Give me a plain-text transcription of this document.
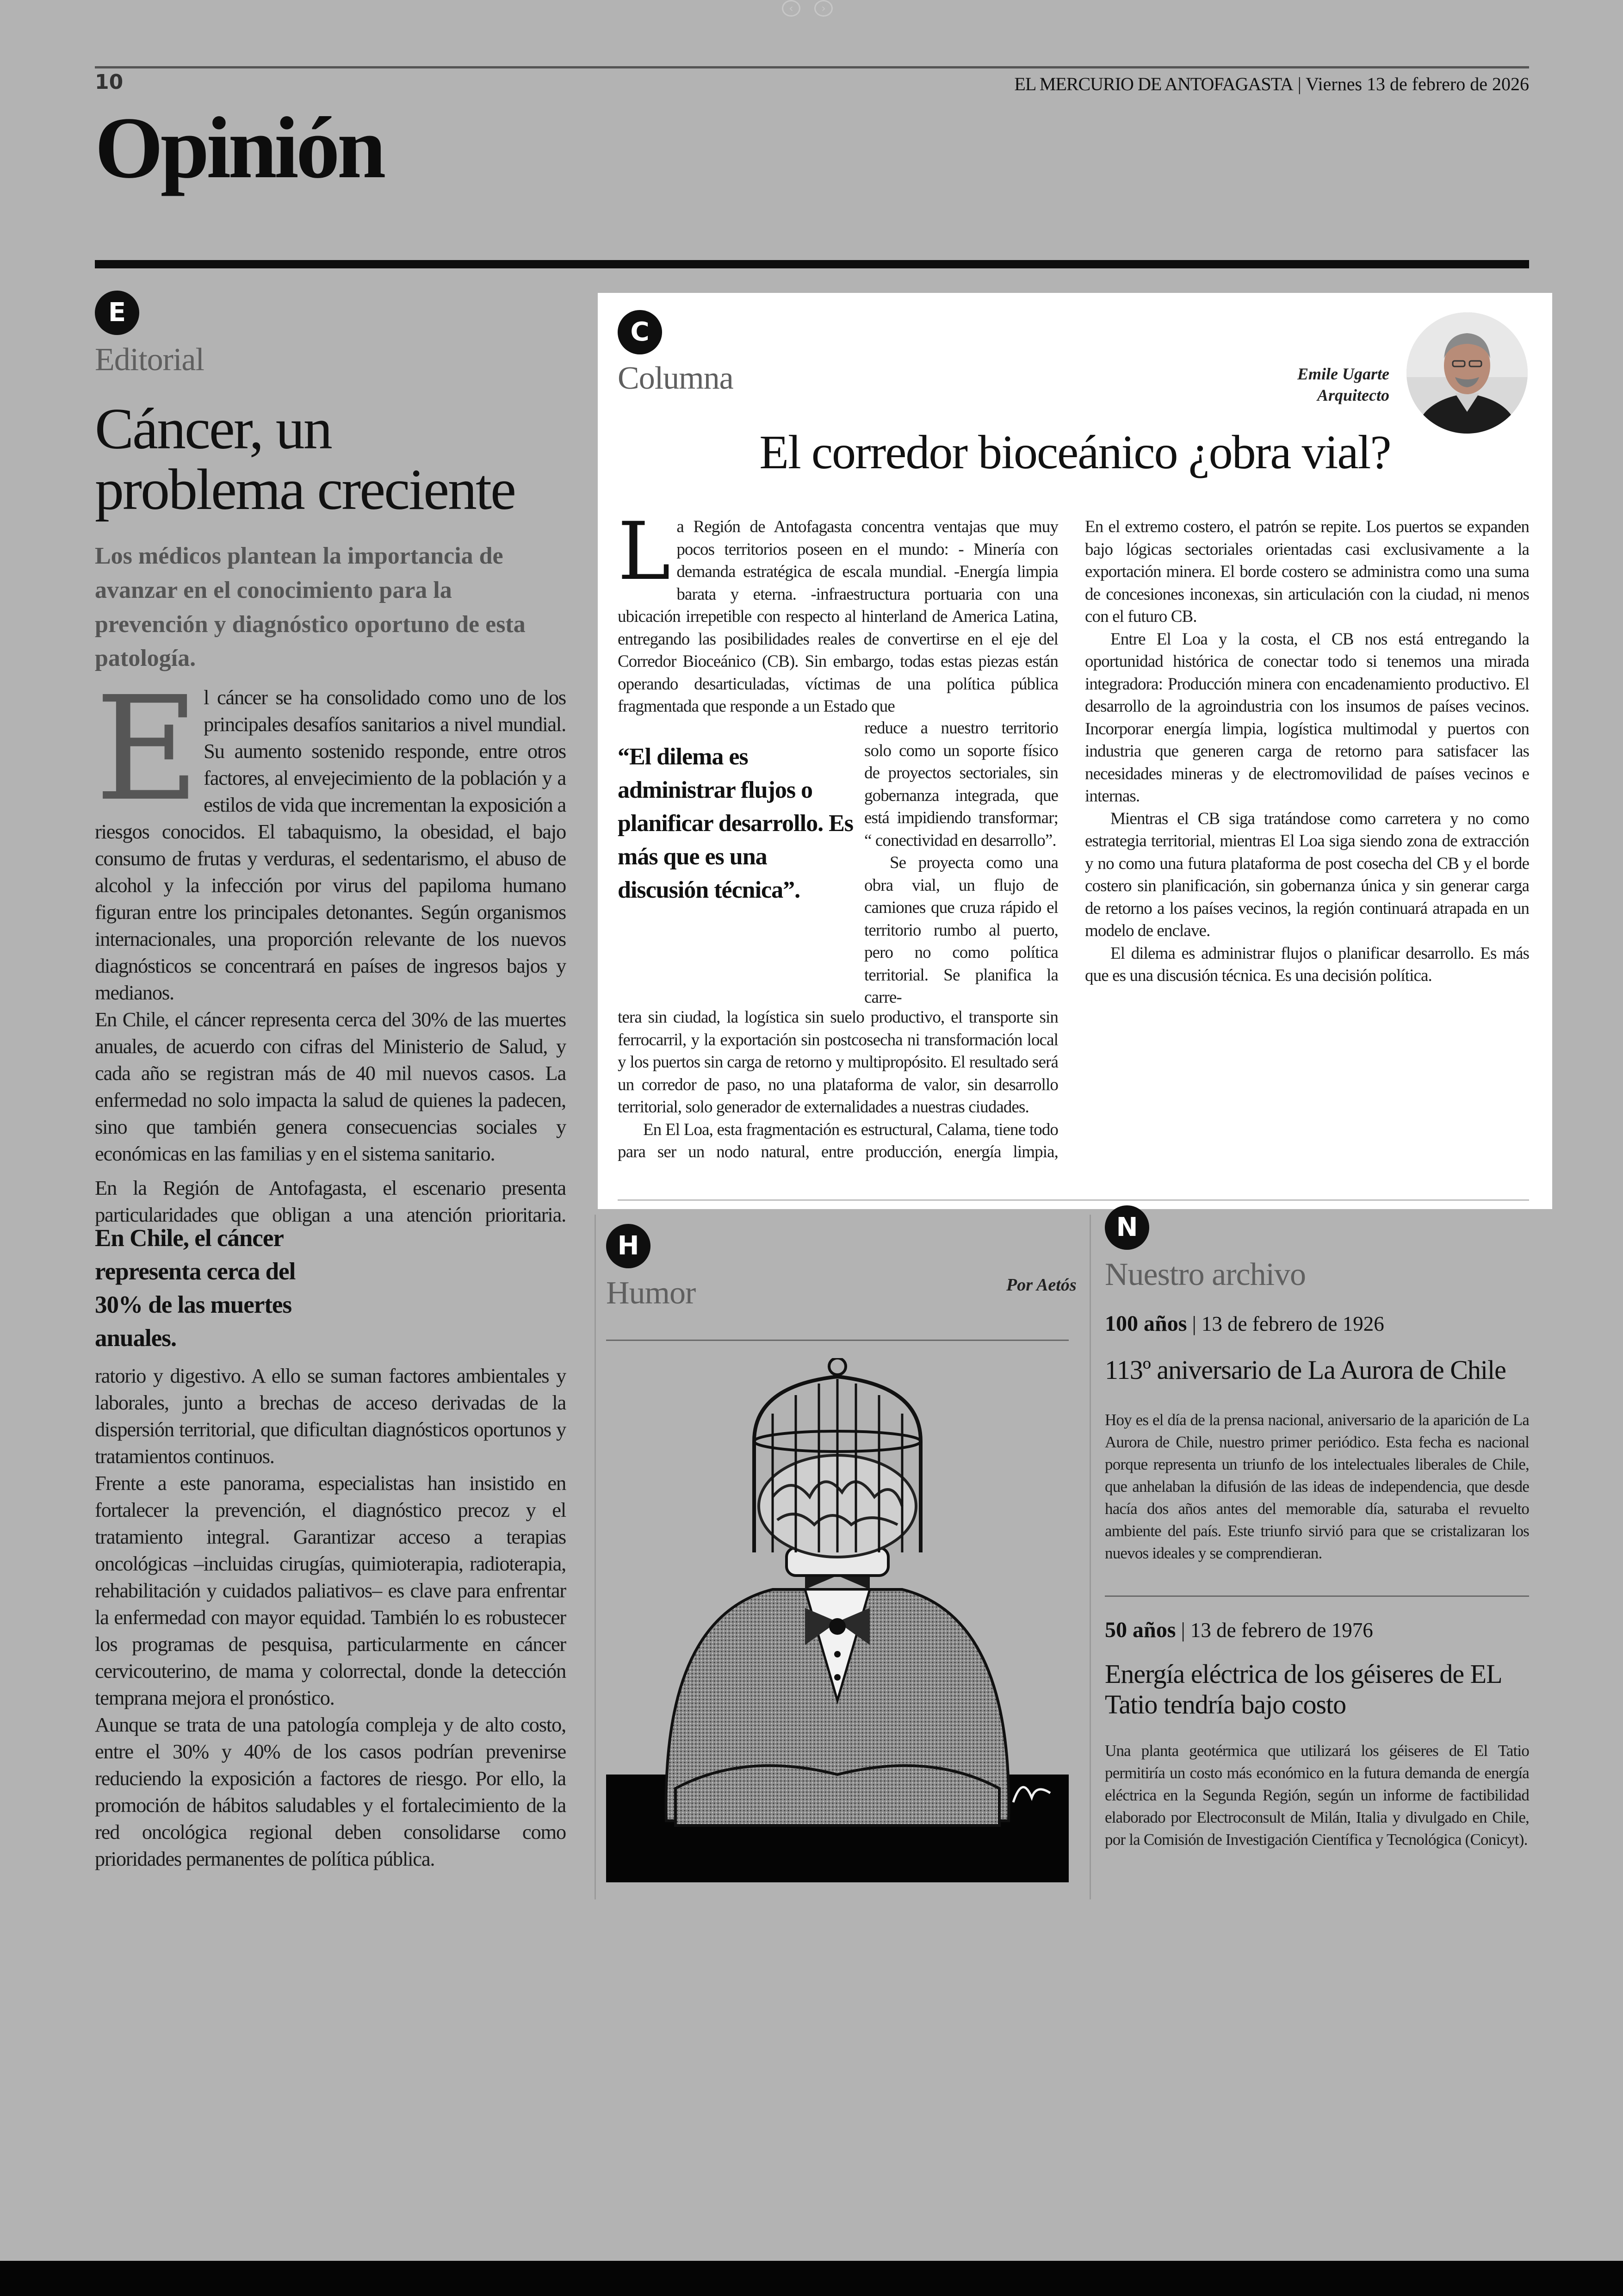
‹	›
10	EL MERCURIO DE ANTOFAGASTA | Viernes 13 de febrero de 2026
Opinión
E
Editorial
Cáncer, un
problema creciente
Los médicos plantean la importancia de avanzar en el conocimiento para la prevención y diagnóstico oportuno de esta patología.

El cáncer se ha consolidado como uno de los principales desafíos sanitarios a nivel mundial. Su aumento sostenido responde, entre otros factores, al envejecimiento de la población y a estilos de vida que incrementan la exposición a riesgos conocidos. El tabaquismo, la obesidad, el bajo consumo de frutas y verduras, el sedentarismo, el abuso de alcohol y la infección por virus del papiloma humano figuran entre los principales detonantes. Según organismos internacionales, una proporción relevante de los nuevos diagnósticos se concentrará en países de ingresos bajos y medianos.

En Chile, el cáncer representa cerca del 30% de las muertes anuales, de acuerdo con cifras del Ministerio de Salud, y cada año se registran más de 40 mil nuevos casos. La enfermedad no solo impacta la salud de quienes la padecen, sino que también genera consecuencias sociales y económicas en las familias y en el sistema sanitario.

En la Región de Antofagasta, el escenario presenta particularidades que obligan a una atención prioritaria.

En Chile, el cáncer representa cerca del 30% de las muertes anuales.

ratorio y digestivo. A ello se suman factores ambientales y laborales, junto a brechas de acceso derivadas de la dispersión territorial, que dificultan diagnósticos oportunos y tratamientos continuos.

Frente a este panorama, especialistas han insistido en fortalecer la prevención, el diagnóstico precoz y el tratamiento integral. Garantizar acceso a terapias oncológicas –incluidas cirugías, quimioterapia, radioterapia, rehabilitación y cuidados paliativos– es clave para enfrentar la enfermedad con mayor equidad. También lo es robustecer los programas de pesquisa, particularmente en cáncer cervicouterino, de mama y colorrectal, donde la detección temprana mejora el pronóstico.

Aunque se trata de una patología compleja y de alto costo, entre el 30% y 40% de los casos podrían prevenirse reduciendo la exposición a factores de riesgo. Por ello, la promoción de hábitos saludables y el fortalecimiento de la red oncológica regional deben consolidarse como prioridades permanentes de política pública.

C
Columna	Emile Ugarte
Arquitecto
El corredor bioceánico ¿obra vial?

La Región de Antofagasta concentra ventajas que muy pocos territorios poseen en el mundo: - Minería con demanda estratégica de escala mundial. -Energía limpia barata y eterna. -infraestructura portuaria con una ubicación irrepetible con respecto al hinterland de America Latina, entregando las posibilidades reales de convertirse en el eje del Corredor Bioceánico (CB). Sin embargo, todas estas piezas están operando desarticuladas, víctimas de una política pública fragmentada que responde a un Estado que

reduce a nuestro territorio solo como un soporte físico de proyectos sectoriales, sin gobernanza integrada, que está impidiendo transformar; “ conectividad en desarrollo”.

Se proyecta como una obra vial, un flujo de camiones que cruza rápido el territorio rumbo al puerto, pero no como política territorial. Se planifica la carre-

“El dilema es administrar flujos o planificar desarrollo. Es más que es una discusión técnica”.

tera sin ciudad, la logística sin suelo productivo, el transporte sin ferrocarril, y la exportación sin postcosecha ni transformación local y los puertos sin carga de retorno y multipropósito. El resultado será un corredor de paso, no una plataforma de valor, sin desarrollo territorial, solo generador de externalidades a nuestras ciudades.

En El Loa, esta fragmentación es estructural, Calama, tiene todo para ser un nodo natural, entre producción, energía limpia,

En el extremo costero, el patrón se repite. Los puertos se expanden bajo lógicas sectoriales orientadas casi exclusivamente a la exportación minera. El borde costero se administra como una suma de concesiones inconexas, sin articulación con la ciudad, ni menos con el futuro CB.

Entre El Loa y la costa, el CB nos está entregando la oportunidad histórica de conectar todo si tenemos una mirada integradora: Producción minera con encadenamiento productivo. El desarrollo de la agroindustria con los insumos de países vecinos. Incorporar energía limpia, logística multimodal y puertos con industria que generen carga de retorno para satisfacer las necesidades mineras y de electromovilidad de países vecinos e internas.

Mientras el CB siga tratándose como carretera y no como estrategia territorial, mientras El Loa siga siendo zona de extracción y no como una futura plataforma de post cosecha del CB y el borde costero sin planificación, sin gobernanza única y sin generar carga de retorno a los países vecinos, la región continuará atrapada en un modelo de enclave.

El dilema es administrar flujos o planificar desarrollo. Es más que es una discusión técnica. Es una decisión política.

H
Humor	Por Aetós
N
Nuestro archivo
100 años | 13 de febrero de 1926
113º aniversario de La Aurora de Chile
Hoy es el día de la prensa nacional, aniversario de la aparición de La Aurora de Chile, nuestro primer periódico. Esta fecha es nacional porque representa un triunfo de los intelectuales liberales de Chile, que anhelaban la difusión de las ideas de independencia, que desde hacía dos años antes del memorable día, saturaba el revuelto ambiente del país. Este triunfo sirvió para que se cristalizaran los nuevos ideales y se comprendieran.
50 años | 13 de febrero de 1976
Energía eléctrica de los géiseres de EL Tatio tendría bajo costo
Una planta geotérmica que utilizará los géiseres de El Tatio permitiría un costo más económico en la futura demanda de energía eléctrica en la Segunda Región, según un informe de factibilidad elaborado por Electroconsult de Milán, Italia y divulgado en Chile, por la Comisión de Investigación Científica y Tecnológica (Conicyt).
